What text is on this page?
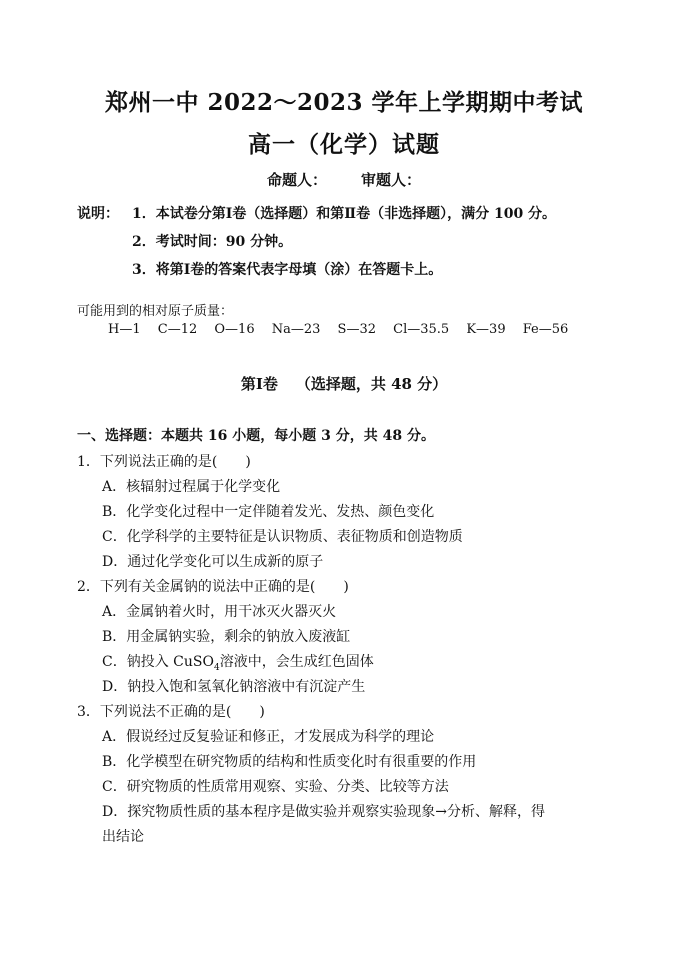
郑州一中 2022～2023 学年上学期期中考试
高一（化学）试题
命题人： 审题人：
说明： 1．本试卷分第Ⅰ卷（选择题）和第Ⅱ卷（非选择题），满分 100 分。
2．考试时间：90 分钟。
3．将第Ⅰ卷的答案代表字母填（涂）在答题卡上。
可能用到的相对原子质量：
H—1 C—12 O—16 Na—23 S—32 Cl—35.5 K—39 Fe—56
第Ⅰ卷 （选择题，共 48 分）
一、选择题：本题共 16 小题，每小题 3 分，共 48 分。
1．下列说法正确的是(　　)
A．核辐射过程属于化学变化
B．化学变化过程中一定伴随着发光、发热、颜色变化
C．化学科学的主要特征是认识物质、表征物质和创造物质
D．通过化学变化可以生成新的原子
2．下列有关金属钠的说法中正确的是(　　)
A．金属钠着火时，用干冰灭火器灭火
B．用金属钠实验，剩余的钠放入废液缸
C．钠投入 CuSO$_4$溶液中，会生成红色固体
D．钠投入饱和氢氧化钠溶液中有沉淀产生
3．下列说法不正确的是(　　)
A．假说经过反复验证和修正，才发展成为科学的理论
B．化学模型在研究物质的结构和性质变化时有很重要的作用
C．研究物质的性质常用观察、实验、分类、比较等方法
D．探究物质性质的基本程序是做实验并观察实验现象→分析、解释，得
出结论
